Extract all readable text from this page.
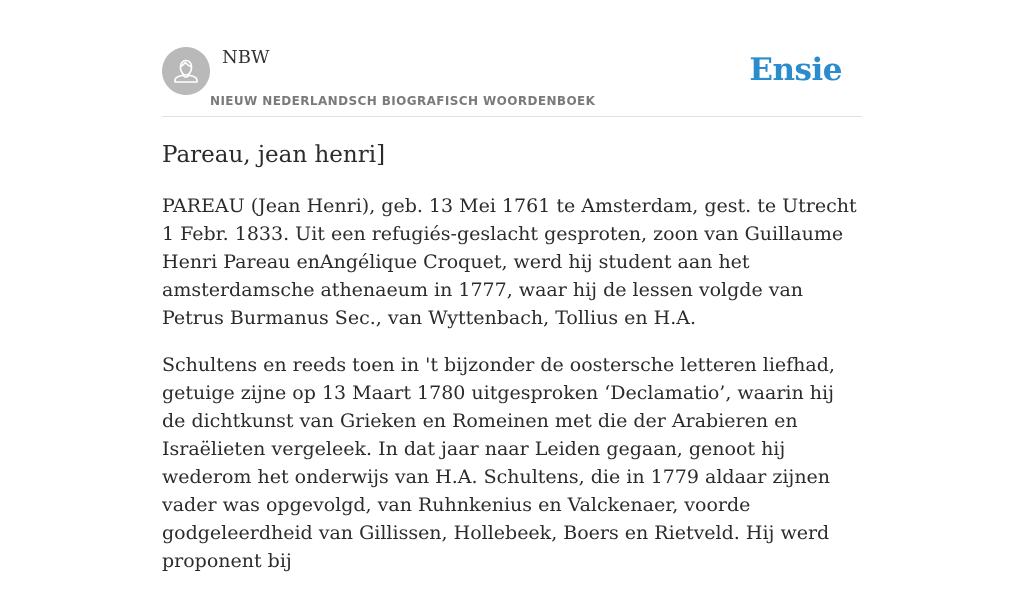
NBW
NIEUW NEDERLANDSCH BIOGRAFISCH WOORDENBOEK
Ensie
Pareau, jean henri]

PAREAU (Jean Henri), geb. 13 Mei 1761 te Amsterdam, gest. te Utrecht 1 Febr. 1833. Uit een refugiés-geslacht gesproten, zoon van Guillaume Henri Pareau enAngélique Croquet, werd hij student aan het amsterdamsche athenaeum in 1777, waar hij de lessen volgde van Petrus Burmanus Sec., van Wyttenbach, Tollius en H.A.

Schultens en reeds toen in 't bijzonder de oostersche letteren liefhad, getuige zijne op 13 Maart 1780 uitgesproken ‘Declamatio’, waarin hij de dichtkunst van Grieken en Romeinen met die der Arabieren en Israëlieten vergeleek. In dat jaar naar Leiden gegaan, genoot hij wederom het onderwijs van H.A. Schultens, die in 1779 aldaar zijnen vader was opgevolgd, van Ruhnkenius en Valckenaer, voorde godgeleerdheid van Gillissen, Hollebeek, Boers en Rietveld. Hij werd proponent bij
